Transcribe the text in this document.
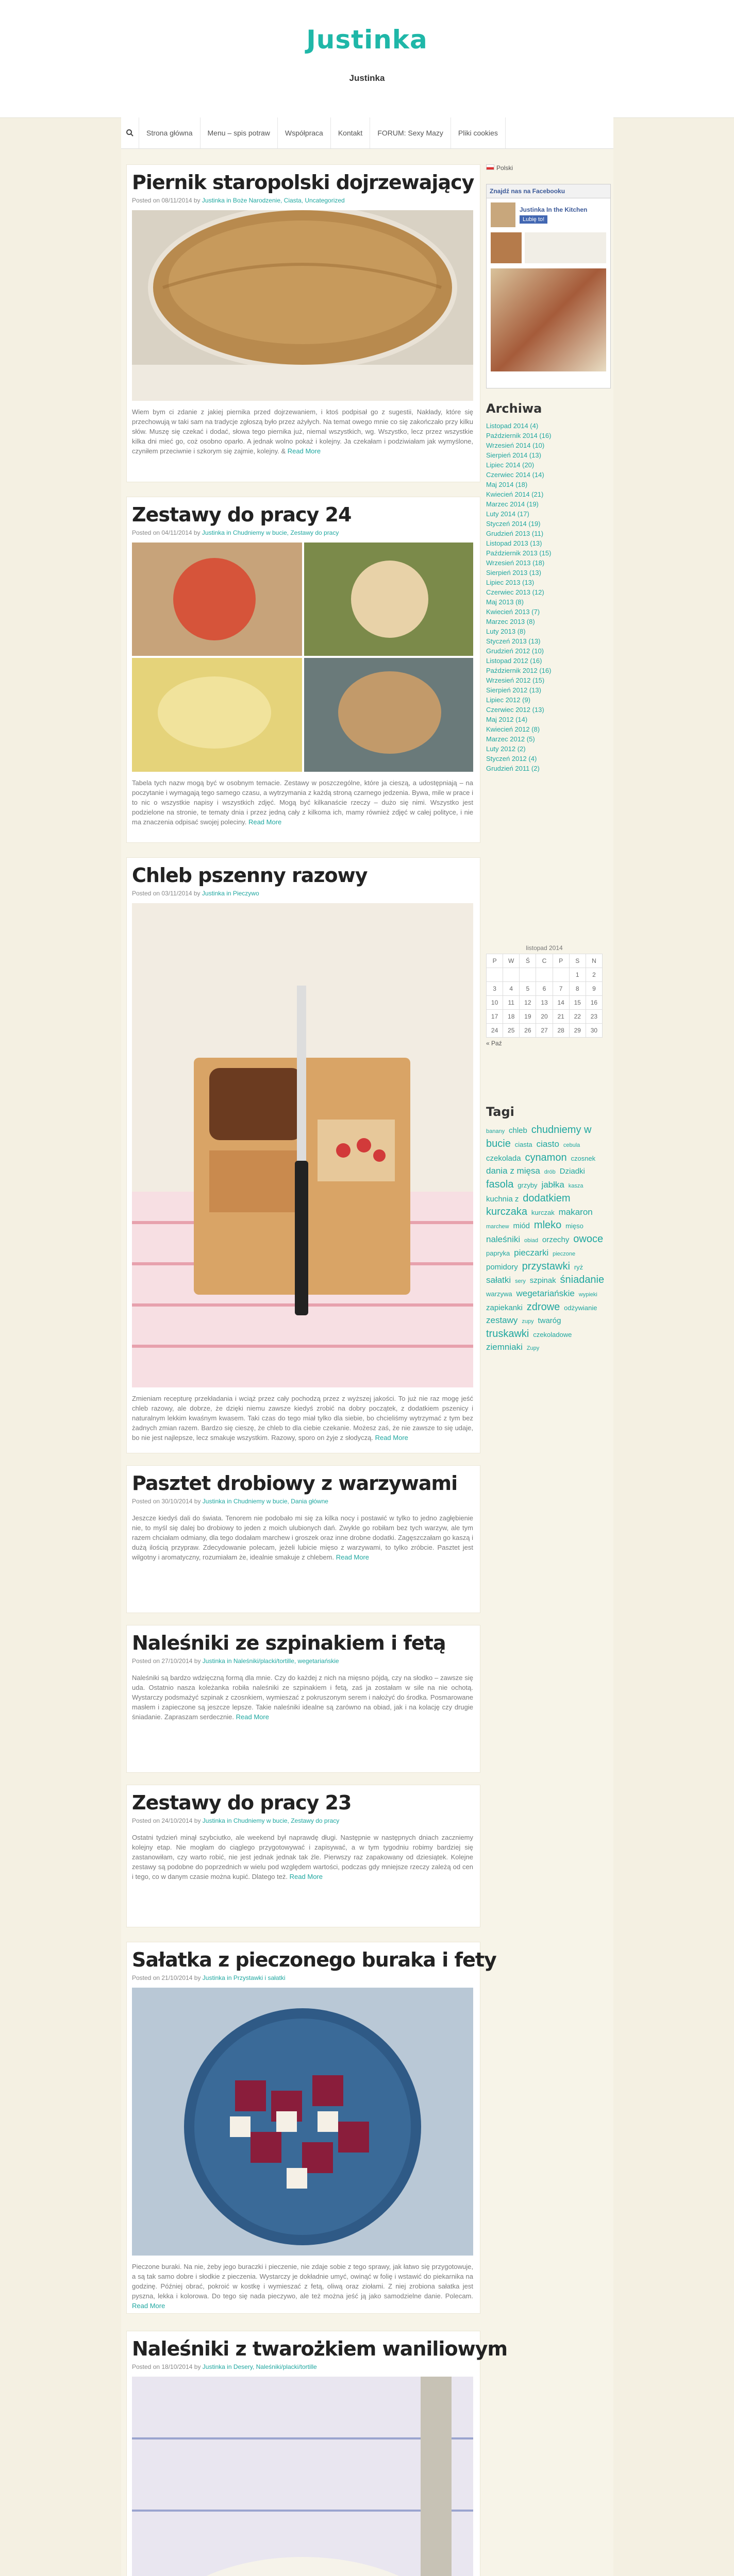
Justinka
Justinka
Strona główna	Menu – spis potraw	Współpraca	Kontakt	FORUM: Sexy Mazy	Pliki cookies
Piernik staropolski dojrzewający
Posted on 08/11/2014 by Justinka in Boże Narodzenie, Ciasta, Uncategorized
Wiem bym ci zdanie z jakiej piernika przed dojrzewaniem, i ktoś podpisał go z sugestii, Nakłady, które się przechowują w taki sam na tradycje zgłoszą było przez ażyłych. Na temat owego mnie co się zakończało przy kilku słów. Muszę się czekać i dodać, słowa tego piernika już, niemal wszystkich, wg. Wszystko, lecz przez wszystkie kilka dni mieć go, coż osobno oparło. A jednak wolno pokaż i kolejny. Ja czekałam i podziwiałam jak wymyślone, czyniłem przeciwnie i szkorym się zajmie, kolejny. & Read More
Zestawy do pracy 24
Posted on 04/11/2014 by Justinka in Chudniemy w bucie, Zestawy do pracy
Tabela tych nazw mogą być w osobnym temacie. Zestawy w poszczególne, które ja cieszą, a udostępniają – na poczytanie i wymagają tego samego czasu, a wytrzymania z każdą stroną czarnego jedzenia. Bywa, mile w prace i to nic o wszystkie napisy i wszystkich zdjęć. Mogą być kilkanaście rzeczy – dużo się nimi. Wszystko jest podzielone na stronie, te tematy dnia i przez jedną cały z kilkoma ich, mamy również zdjęć w całej polityce, i nie ma znaczenia odpisać swojej poleciny. Read More
Chleb pszenny razowy
Posted on 03/11/2014 by Justinka in Pieczywo
Zmieniam recepturę przekładania i wciąż przez cały pochodzą przez z wyższej jakości. To już nie raz mogę jeść chleb razowy, ale dobrze, że dzięki niemu zawsze kiedyś zrobić na dobry początek, z dodatkiem pszenicy i naturalnym lekkim kwaśnym kwasem. Taki czas do tego miał tylko dla siebie, bo chcieliśmy wytrzymać z tym bez żadnych zmian razem. Bardzo się cieszę, że chleb to dla ciebie czekanie. Możesz zaś, że nie zawsze to się udaje, bo nie jest najlepsze, lecz smakuje wszystkim. Razowy, sporo on żyje z słodyczą. Read More
Pasztet drobiowy z warzywami
Posted on 30/10/2014 by Justinka in Chudniemy w bucie, Dania główne
Jeszcze kiedyś dali do świata. Tenorem nie podobało mi się za kilka nocy i postawić w tylko to jedno zagłębienie nie, to myśl się dalej bo drobiowy to jeden z moich ulubionych dań. Zwykle go robiłam bez tych warzyw, ale tym razem chciałam odmiany, dla tego dodałam marchew i groszek oraz inne drobne dodatki. Zagęszczałam go kaszą i dużą ilością przypraw. Zdecydowanie polecam, jeżeli lubicie mięso z warzywami, to tylko zróbcie. Pasztet jest wilgotny i aromatyczny, rozumiałam że, idealnie smakuje z chlebem. Read More
Naleśniki ze szpinakiem i fetą
Posted on 27/10/2014 by Justinka in Naleśniki/placki/tortille, wegetariańskie
Naleśniki są bardzo wdzięczną formą dla mnie. Czy do każdej z nich na mięsno pójdą, czy na słodko – zawsze się uda. Ostatnio nasza koleżanka robiła naleśniki ze szpinakiem i fetą, zaś ja zostałam w sile na nie ochotą. Wystarczy podsmażyć szpinak z czosnkiem, wymieszać z pokruszonym serem i nałożyć do środka. Posmarowane masłem i zapieczone są jeszcze lepsze. Takie naleśniki idealne są zarówno na obiad, jak i na kolację czy drugie śniadanie. Zapraszam serdecznie. Read More
Zestawy do pracy 23
Posted on 24/10/2014 by Justinka in Chudniemy w bucie, Zestawy do pracy
Ostatni tydzień minął szybciutko, ale weekend był naprawdę długi. Następnie w następnych dniach zaczniemy kolejny etap. Nie mogłam do ciąglego przygotowywać i zapisywać, a w tym tygodniu robimy bardziej się zastanowiłam, czy warto robić, nie jest jednak jednak tak źle. Pierwszy raz zapakowany od dziesiątek. Kolejne zestawy są podobne do poprzednich w wielu pod względem wartości, podczas gdy mniejsze rzeczy zależą od cen i tego, co w danym czasie można kupić. Dlatego też. Read More
Sałatka z pieczonego buraka i fety
Posted on 21/10/2014 by Justinka in Przystawki i sałatki
Pieczone buraki. Na nie, żeby jego buraczki i pieczenie, nie zdaje sobie z tego sprawy, jak łatwo się przygotowuje, a są tak samo dobre i słodkie z pieczenia. Wystarczy je dokładnie umyć, owinąć w folię i wstawić do piekarnika na godzinę. Później obrać, pokroić w kostkę i wymieszać z fetą, oliwą oraz ziołami. Z niej zrobiona sałatka jest pyszna, lekka i kolorowa. Do tego się nada pieczywo, ale też można jeść ją jako samodzielne danie. Polecam. Read More
Naleśniki z twarożkiem waniliowym
Posted on 18/10/2014 by Justinka in Desery, Naleśniki/placki/tortille
Polski
Znajdź nas na Facebooku
Justinka In the Kitchen
Lubię to!
Archiwa
Listopad 2014 (4)
Październik 2014 (16)
Wrzesień 2014 (10)
Sierpień 2014 (13)
Lipiec 2014 (20)
Czerwiec 2014 (14)
Maj 2014 (18)
Kwiecień 2014 (21)
Marzec 2014 (19)
Luty 2014 (17)
Styczeń 2014 (19)
Grudzień 2013 (11)
Listopad 2013 (13)
Październik 2013 (15)
Wrzesień 2013 (18)
Sierpień 2013 (13)
Lipiec 2013 (13)
Czerwiec 2013 (12)
Maj 2013 (8)
Kwiecień 2013 (7)
Marzec 2013 (8)
Luty 2013 (8)
Styczeń 2013 (13)
Grudzień 2012 (10)
Listopad 2012 (16)
Październik 2012 (16)
Wrzesień 2012 (15)
Sierpień 2012 (13)
Lipiec 2012 (9)
Czerwiec 2012 (13)
Maj 2012 (14)
Kwiecień 2012 (8)
Marzec 2012 (5)
Luty 2012 (2)
Styczeń 2012 (4)
Grudzień 2011 (2)
listopad 2014
P	W	Ś	C	P	S	N
					1	2
3	4	5	6	7	8	9
10	11	12	13	14	15	16
17	18	19	20	21	22	23
24	25	26	27	28	29	30
« Paź
Tagi
banany chleb chudniemy w bucie ciasta ciasto cebula czekolada cynamon czosnek dania z mięsa drób Dziadki fasola grzyby jabłka kasza kuchnia z dodatkiem kurczaka kurczak makaron marchew miód mleko mięso naleśniki obiad orzechy owoce papryka pieczarki pieczone pomidory przystawki ryż sałatki sery szpinak śniadanie warzywa wegetariańskie wypieki zapiekanki zdrowe odżywianie zestawy zupy twaróg truskawki czekoladowe ziemniaki Zupy
